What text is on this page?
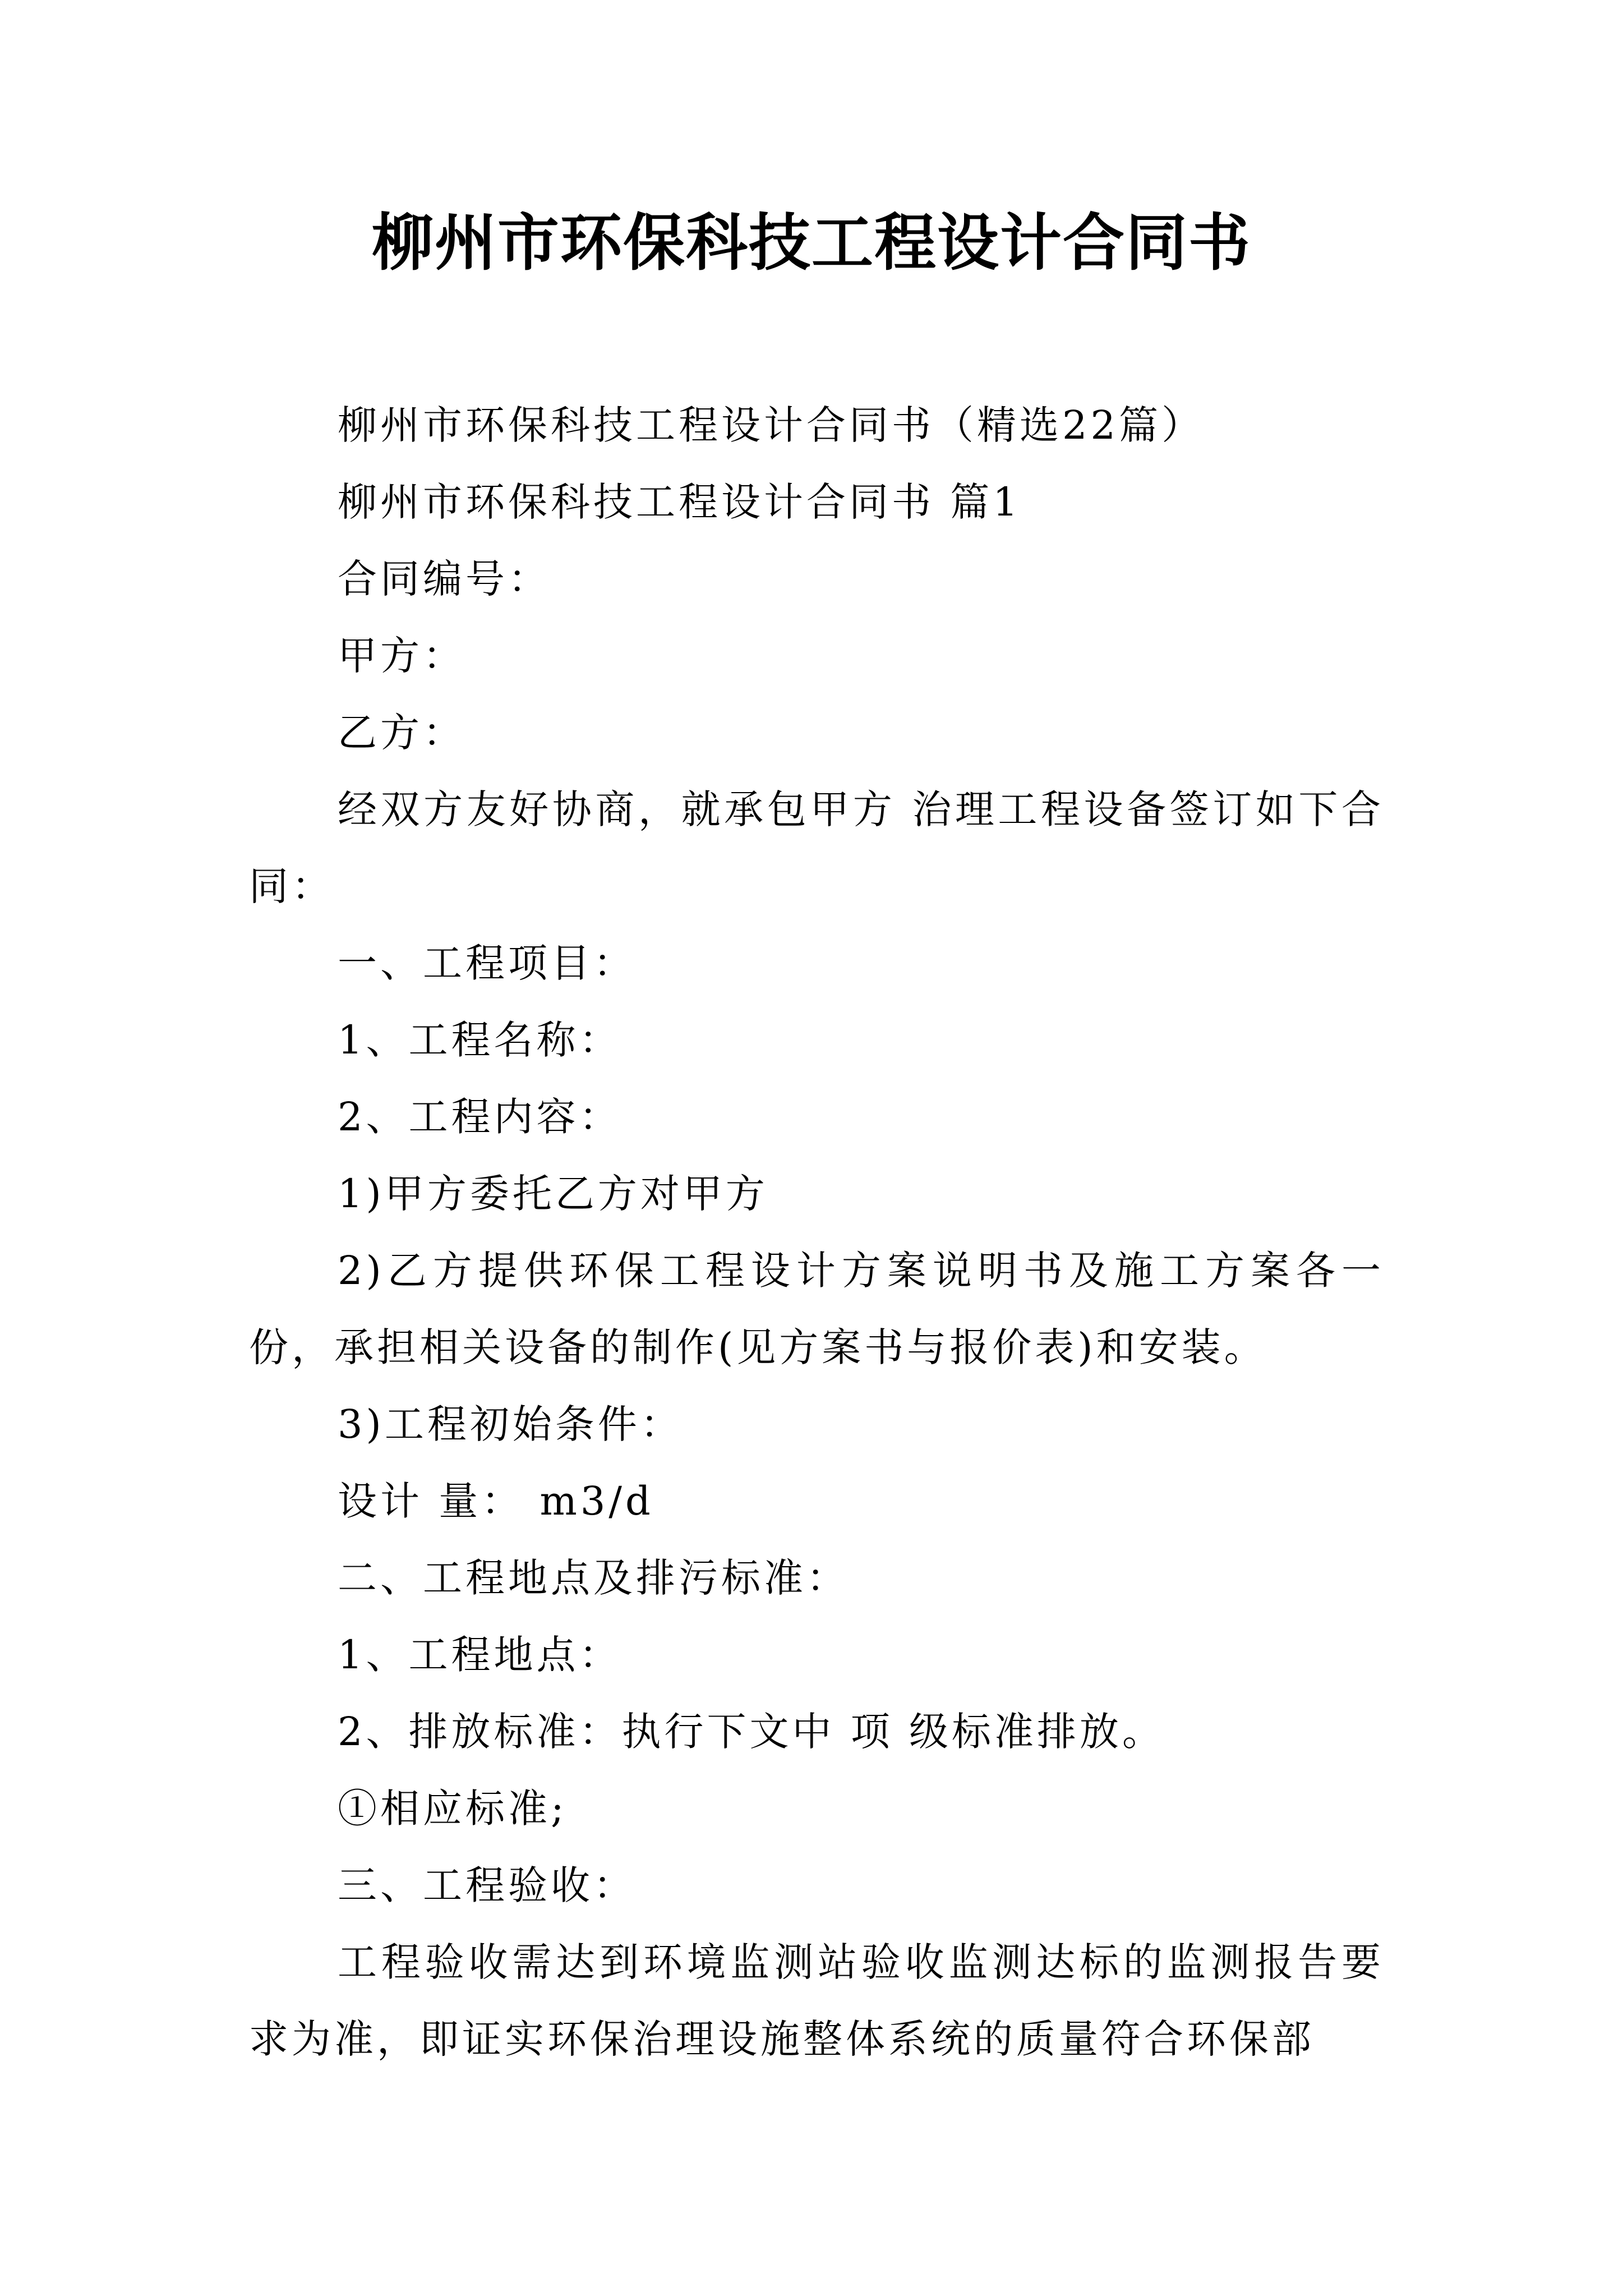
柳州市环保科技工程设计合同书

柳州市环保科技工程设计合同书（精选22篇）

柳州市环保科技工程设计合同书 篇1

合同编号：

甲方：

乙方：

经双方友好协商，就承包甲方 治理工程设备签订如下合同：

一、工程项目：

1、工程名称：

2、工程内容：

1)甲方委托乙方对甲方

2)乙方提供环保工程设计方案说明书及施工方案各一份，承担相关设备的制作(见方案书与报价表)和安装。

3)工程初始条件：

设计 量： m3/d

二、工程地点及排污标准：

1、工程地点：

2、排放标准：执行下文中 项 级标准排放。

①相应标准;

三、工程验收：

工程验收需达到环境监测站验收监测达标的监测报告要求为准，即证实环保治理设施整体系统的质量符合环保部
